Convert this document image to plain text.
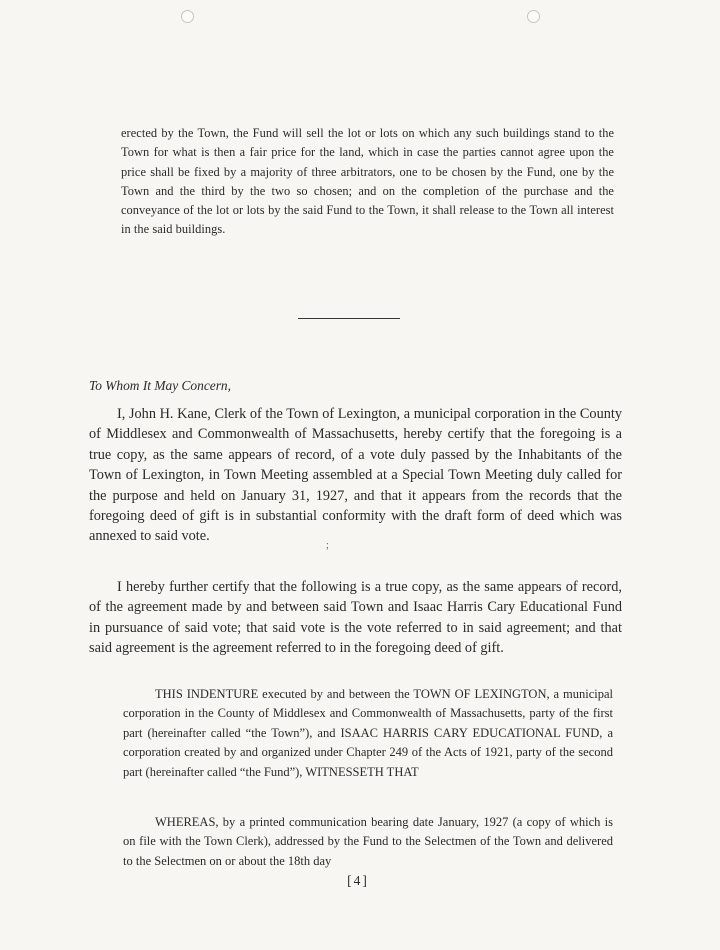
erected by the Town, the Fund will sell the lot or lots on which any such buildings stand to the Town for what is then a fair price for the land, which in case the parties cannot agree upon the price shall be fixed by a majority of three arbitrators, one to be chosen by the Fund, one by the Town and the third by the two so chosen; and on the completion of the purchase and the conveyance of the lot or lots by the said Fund to the Town, it shall release to the Town all interest in the said buildings.

To Whom It May Concern,

I, John H. Kane, Clerk of the Town of Lexington, a municipal corporation in the County of Middlesex and Commonwealth of Massachusetts, hereby certify that the foregoing is a true copy, as the same appears of record, of a vote duly passed by the Inhabitants of the Town of Lexington, in Town Meeting assembled at a Special Town Meeting duly called for the purpose and held on January 31, 1927, and that it appears from the records that the foregoing deed of gift is in substantial conformity with the draft form of deed which was annexed to said vote.

;

I hereby further certify that the following is a true copy, as the same appears of record, of the agreement made by and between said Town and Isaac Harris Cary Educational Fund in pursuance of said vote; that said vote is the vote referred to in said agreement; and that said agreement is the agreement referred to in the foregoing deed of gift.

THIS INDENTURE executed by and between the TOWN OF LEXINGTON, a municipal corporation in the County of Middlesex and Commonwealth of Massachusetts, party of the first part (hereinafter called “the Town”), and ISAAC HARRIS CARY EDUCATIONAL FUND, a corporation created by and organized under Chapter 249 of the Acts of 1921, party of the second part (hereinafter called “the Fund”), WITNESSETH THAT

WHEREAS, by a printed communication bearing date January, 1927 (a copy of which is on file with the Town Clerk), addressed by the Fund to the Selectmen of the Town and delivered to the Selectmen on or about the 18th day

[4]
